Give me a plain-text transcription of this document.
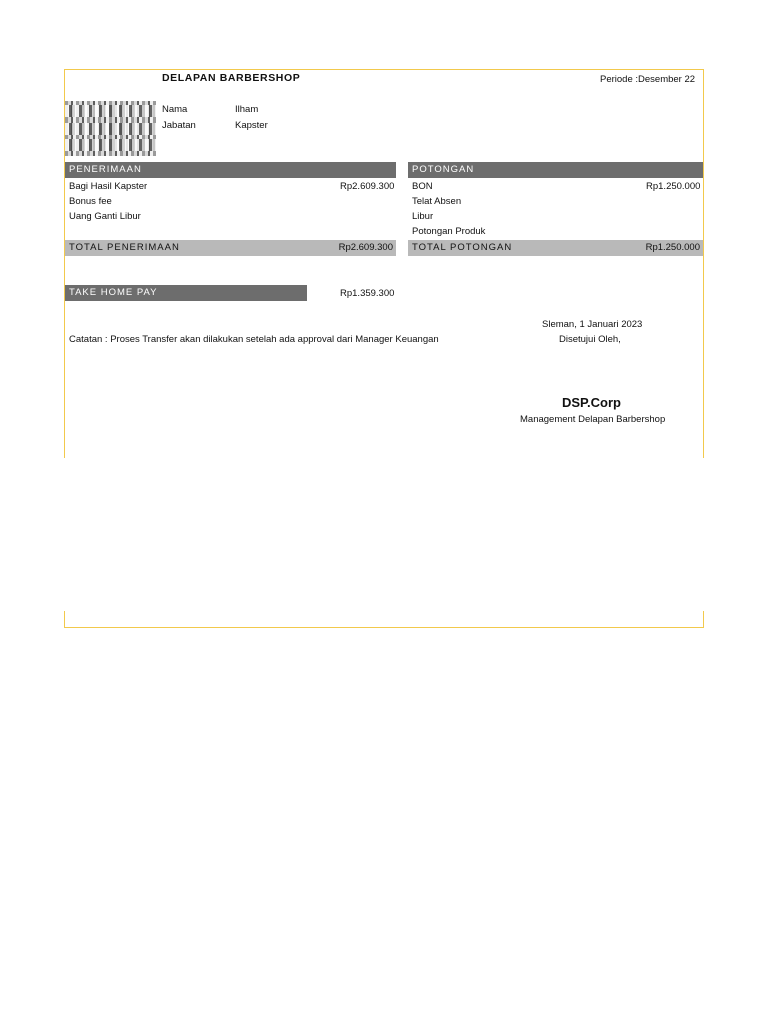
DELAPAN BARBERSHOP	Periode :Desember 22
Nama	Ilham
Jabatan	Kapster
PENERIMAAN
Bagi Hasil Kapster	Rp2.609.300
Bonus fee
Uang Ganti Libur
TOTAL PENERIMAAN	Rp2.609.300
POTONGAN
BON	Rp1.250.000
Telat Absen
Libur
Potongan Produk
TOTAL POTONGAN	Rp1.250.000
TAKE HOME PAY	Rp1.359.300
Sleman, 1 Januari 2023
Catatan : Proses Transfer akan dilakukan setelah ada approval dari Manager Keuangan	Disetujui Oleh,
DSP.Corp
Management Delapan Barbershop
